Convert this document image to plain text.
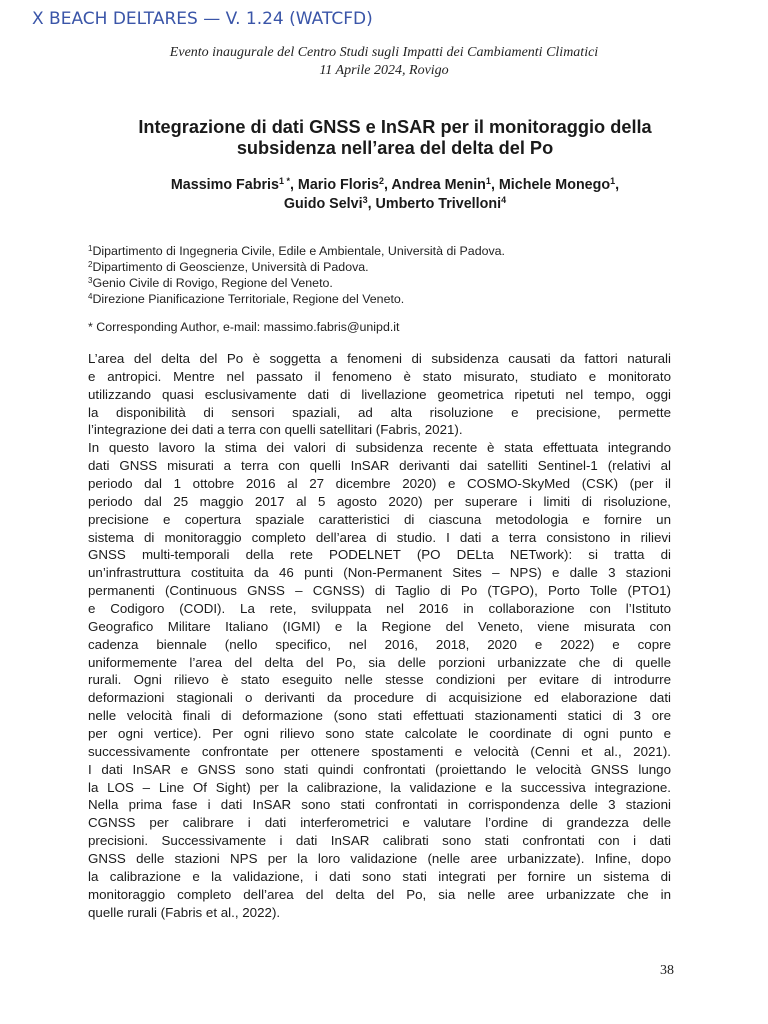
X BEACH DELTARES — V. 1.24 (WATCFD)
Evento inaugurale del Centro Studi sugli Impatti dei Cambiamenti Climatici
11 Aprile 2024, Rovigo
Integrazione di dati GNSS e InSAR per il monitoraggio della
subsidenza nell’area del delta del Po
Massimo Fabris$^{1 *}$, Mario Floris$^2$, Andrea Menin$^1$, Michele Monego$^1$,
Guido Selvi$^3$, Umberto Trivelloni$^4$
$^1$Dipartimento di Ingegneria Civile, Edile e Ambientale, Università di Padova.
$^2$Dipartimento di Geoscienze, Università di Padova.
$^3$Genio Civile di Rovigo, Regione del Veneto.
$^4$Direzione Pianificazione Territoriale, Regione del Veneto.
* Corresponding Author, e-mail: massimo.fabris@unipd.it
L’area del delta del Po è soggetta a fenomeni di subsidenza causati da fattori naturali
e antropici. Mentre nel passato il fenomeno è stato misurato, studiato e monitorato
utilizzando quasi esclusivamente dati di livellazione geometrica ripetuti nel tempo, oggi
la disponibilità di sensori spaziali, ad alta risoluzione e precisione, permette
l’integrazione dei dati a terra con quelli satellitari (Fabris, 2021).
In questo lavoro la stima dei valori di subsidenza recente è stata effettuata integrando
dati GNSS misurati a terra con quelli InSAR derivanti dai satelliti Sentinel-1 (relativi al
periodo dal 1 ottobre 2016 al 27 dicembre 2020) e COSMO-SkyMed (CSK) (per il
periodo dal 25 maggio 2017 al 5 agosto 2020) per superare i limiti di risoluzione,
precisione e copertura spaziale caratteristici di ciascuna metodologia e fornire un
sistema di monitoraggio completo dell’area di studio. I dati a terra consistono in rilievi
GNSS multi-temporali della rete PODELNET (PO DELta NETwork): si tratta di
un’infrastruttura costituita da 46 punti (Non-Permanent Sites – NPS) e dalle 3 stazioni
permanenti (Continuous GNSS – CGNSS) di Taglio di Po (TGPO), Porto Tolle (PTO1)
e Codigoro (CODI). La rete, sviluppata nel 2016 in collaborazione con l’Istituto
Geografico Militare Italiano (IGMI) e la Regione del Veneto, viene misurata con
cadenza biennale (nello specifico, nel 2016, 2018, 2020 e 2022) e copre
uniformemente l’area del delta del Po, sia delle porzioni urbanizzate che di quelle
rurali. Ogni rilievo è stato eseguito nelle stesse condizioni per evitare di introdurre
deformazioni stagionali o derivanti da procedure di acquisizione ed elaborazione dati
nelle velocità finali di deformazione (sono stati effettuati stazionamenti statici di 3 ore
per ogni vertice). Per ogni rilievo sono state calcolate le coordinate di ogni punto e
successivamente confrontate per ottenere spostamenti e velocità (Cenni et al., 2021).
I dati InSAR e GNSS sono stati quindi confrontati (proiettando le velocità GNSS lungo
la LOS – Line Of Sight) per la calibrazione, la validazione e la successiva integrazione.
Nella prima fase i dati InSAR sono stati confrontati in corrispondenza delle 3 stazioni
CGNSS per calibrare i dati interferometrici e valutare l’ordine di grandezza delle
precisioni. Successivamente i dati InSAR calibrati sono stati confrontati con i dati
GNSS delle stazioni NPS per la loro validazione (nelle aree urbanizzate). Infine, dopo
la calibrazione e la validazione, i dati sono stati integrati per fornire un sistema di
monitoraggio completo dell’area del delta del Po, sia nelle aree urbanizzate che in
quelle rurali (Fabris et al., 2022).
38
